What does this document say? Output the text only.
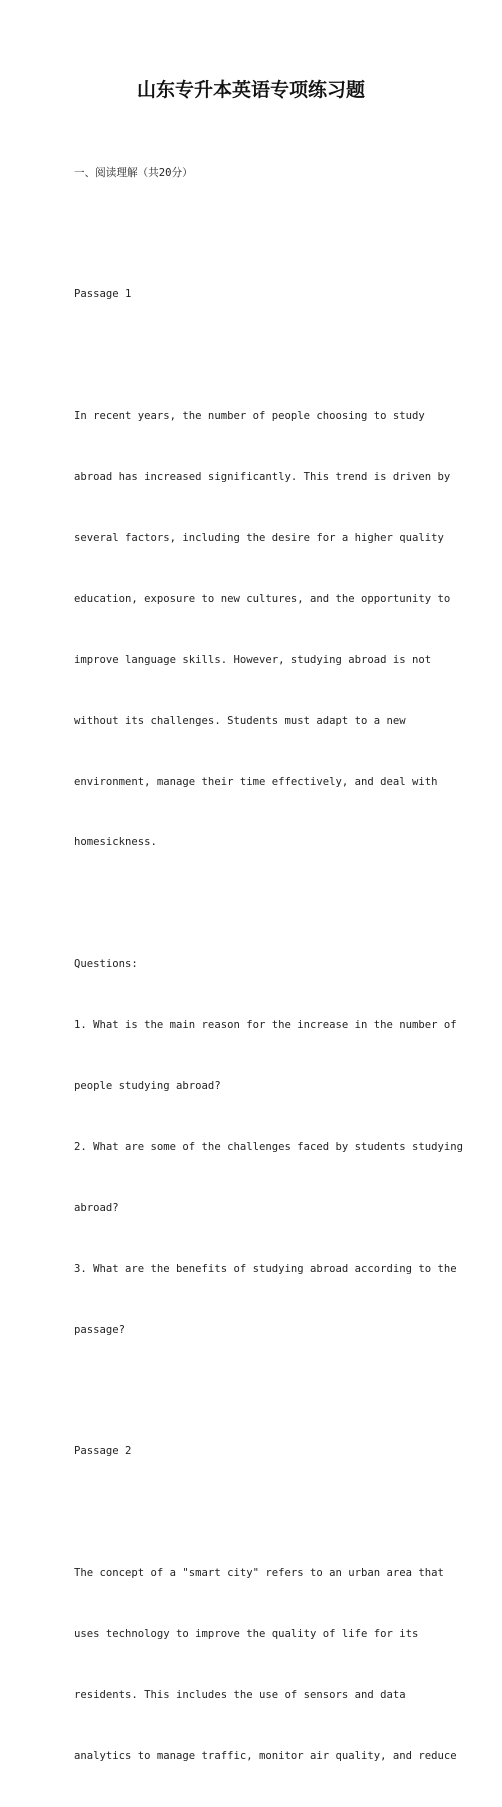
山东专升本英语专项练习题

一、阅读理解（共20分）

Passage 1

In recent years, the number of people choosing to study

abroad has increased significantly. This trend is driven by

several factors, including the desire for a higher quality

education, exposure to new cultures, and the opportunity to

improve language skills. However, studying abroad is not

without its challenges. Students must adapt to a new

environment, manage their time effectively, and deal with

homesickness.

Questions:

1. What is the main reason for the increase in the number of

people studying abroad?

2. What are some of the challenges faced by students studying

abroad?

3. What are the benefits of studying abroad according to the

passage?

Passage 2

The concept of a "smart city" refers to an urban area that

uses technology to improve the quality of life for its

residents. This includes the use of sensors and data

analytics to manage traffic, monitor air quality, and reduce
